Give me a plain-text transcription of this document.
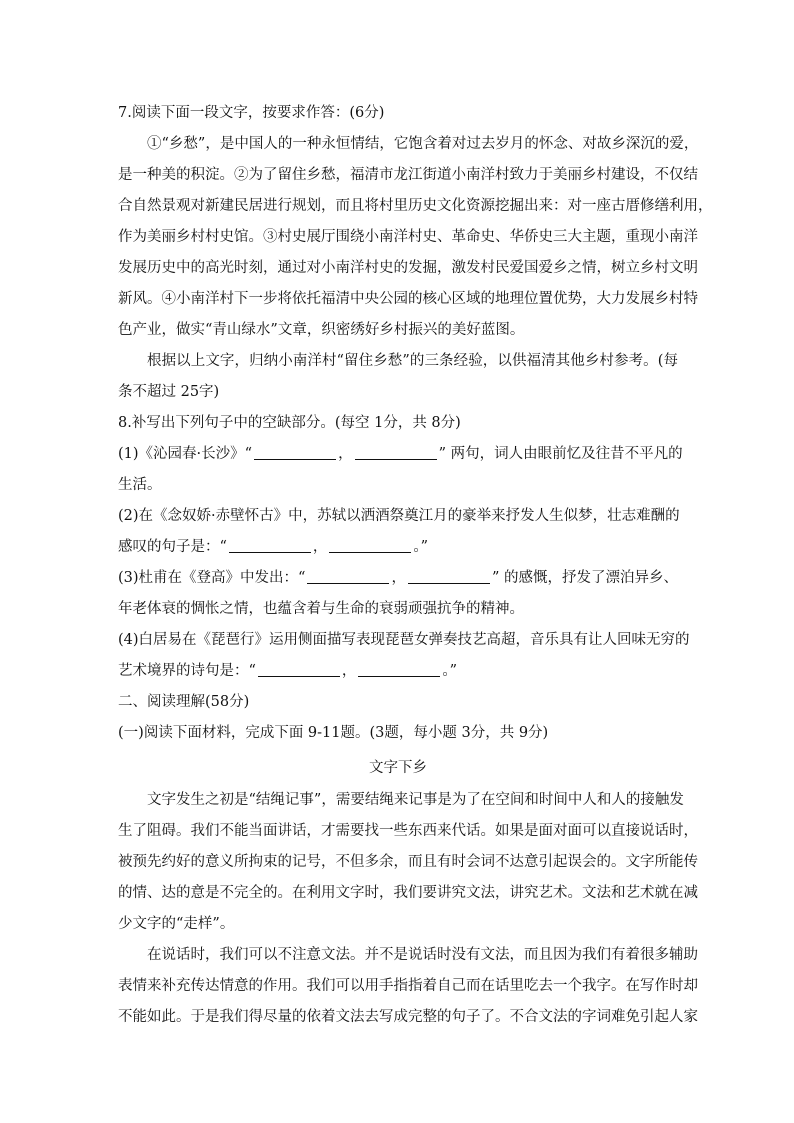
7.阅读下面一段文字，按要求作答：(6分)
①“乡愁”，是中国人的一种永恒情结，它饱含着对过去岁月的怀念、对故乡深沉的爱，
是一种美的积淀。②为了留住乡愁，福清市龙江街道小南洋村致力于美丽乡村建设，不仅结
合自然景观对新建民居进行规划，而且将村里历史文化资源挖掘出来：对一座古厝修缮利用，
作为美丽乡村村史馆。③村史展厅围绕小南洋村史、革命史、华侨史三大主题，重现小南洋
发展历史中的高光时刻，通过对小南洋村史的发掘，激发村民爱国爱乡之情，树立乡村文明
新风。④小南洋村下一步将依托福清中央公园的核心区域的地理位置优势，大力发展乡村特
色产业，做实“青山绿水”文章，织密绣好乡村振兴的美好蓝图。
根据以上文字，归纳小南洋村“留住乡愁”的三条经验，以供福清其他乡村参考。(每
条不超过 25字)
8.补写出下列句子中的空缺部分。(每空 1分，共 8分)
(1)《沁园春·长沙》“	，	” 两句，词人由眼前忆及往昔不平凡的
生活。
(2)在《念奴娇·赤壁怀古》中，苏轼以洒酒祭奠江月的豪举来抒发人生似梦，壮志难酬的
感叹的句子是：“	，	。”
(3)杜甫在《登高》中发出：“	，	” 的感慨，抒发了漂泊异乡、
年老体衰的惆怅之情，也蕴含着与生命的衰弱顽强抗争的精神。
(4)白居易在《琵琶行》运用侧面描写表现琵琶女弹奏技艺高超，音乐具有让人回味无穷的
艺术境界的诗句是：“	，	。”
二、阅读理解(58分)
(一)阅读下面材料，完成下面 9-11题。(3题，每小题 3分，共 9分)
文字下乡
文字发生之初是“结绳记事”，需要结绳来记事是为了在空间和时间中人和人的接触发
生了阻碍。我们不能当面讲话，才需要找一些东西来代话。如果是面对面可以直接说话时，
被预先约好的意义所拘束的记号，不但多余，而且有时会词不达意引起误会的。文字所能传
的情、达的意是不完全的。在利用文字时，我们要讲究文法，讲究艺术。文法和艺术就在减
少文字的“走样”。
在说话时，我们可以不注意文法。并不是说话时没有文法，而且因为我们有着很多辅助
表情来补充传达情意的作用。我们可以用手指指着自己而在话里吃去一个我字。在写作时却
不能如此。于是我们得尽量的依着文法去写成完整的句子了。不合文法的字词难免引起人家
